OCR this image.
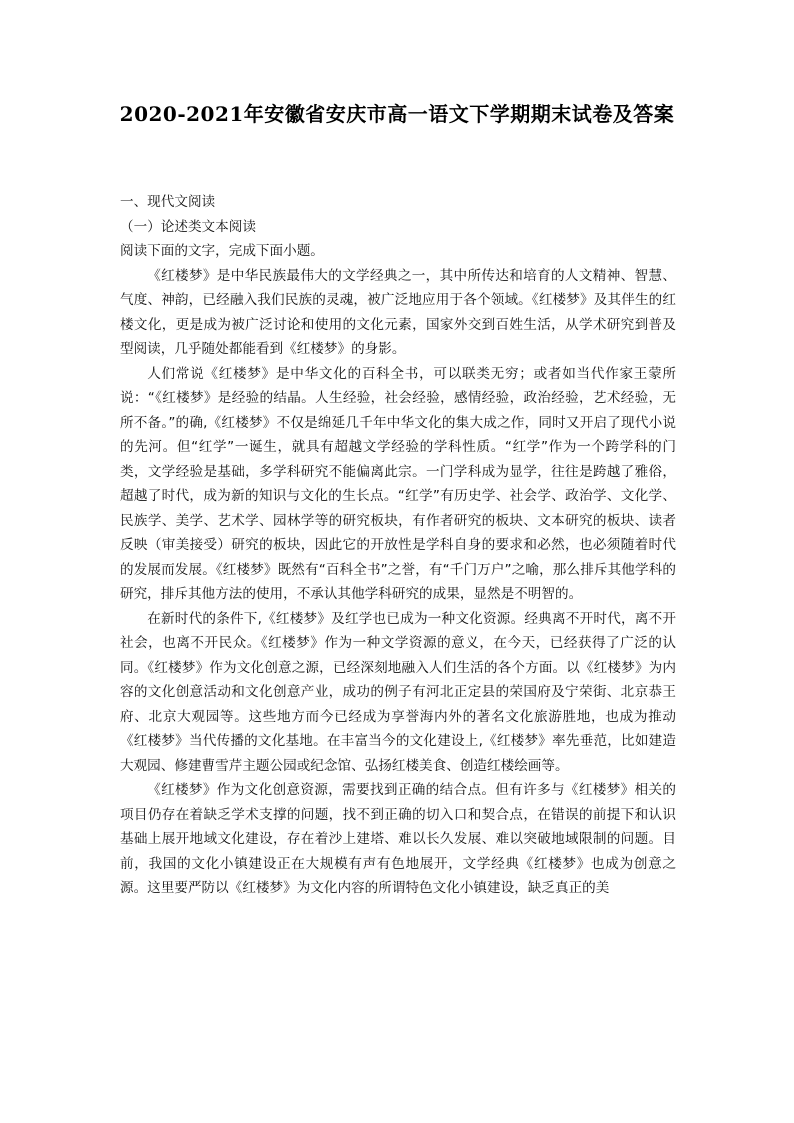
2020-2021年安徽省安庆市高一语文下学期期末试卷及答案

一、现代文阅读

（一）论述类文本阅读

阅读下面的文字，完成下面小题。

《红楼梦》是中华民族最伟大的文学经典之一，其中所传达和培育的人文精神、智慧、气度、神韵，已经融入我们民族的灵魂，被广泛地应用于各个领域。《红楼梦》及其伴生的红楼文化，更是成为被广泛讨论和使用的文化元素，国家外交到百姓生活，从学术研究到普及型阅读，几乎随处都能看到《红楼梦》的身影。

人们常说《红楼梦》是中华文化的百科全书，可以联类无穷；或者如当代作家王蒙所说：“《红楼梦》是经验的结晶。人生经验，社会经验，感情经验，政治经验，艺术经验，无所不备。”的确,《红楼梦》不仅是绵延几千年中华文化的集大成之作，同时又开启了现代小说的先河。但“红学”一诞生，就具有超越文学经验的学科性质。“红学”作为一个跨学科的门类，文学经验是基础，多学科研究不能偏离此宗。一门学科成为显学，往往是跨越了雅俗，超越了时代，成为新的知识与文化的生长点。“红学”有历史学、社会学、政治学、文化学、民族学、美学、艺术学、园林学等的研究板块，有作者研究的板块、文本研究的板块、读者反映（审美接受）研究的板块，因此它的开放性是学科自身的要求和必然，也必须随着时代的发展而发展。《红楼梦》既然有“百科全书”之誉，有“千门万户”之喻，那么排斥其他学科的研究，排斥其他方法的使用，不承认其他学科研究的成果，显然是不明智的。

在新时代的条件下,《红楼梦》及红学也已成为一种文化资源。经典离不开时代，离不开社会，也离不开民众。《红楼梦》作为一种文学资源的意义，在今天，已经获得了广泛的认同。《红楼梦》作为文化创意之源，已经深刻地融入人们生活的各个方面。以《红楼梦》为内容的文化创意活动和文化创意产业，成功的例子有河北正定县的荣国府及宁荣街、北京恭王府、北京大观园等。这些地方而今已经成为享誉海内外的著名文化旅游胜地，也成为推动《红楼梦》当代传播的文化基地。在丰富当今的文化建设上,《红楼梦》率先垂范，比如建造大观园、修建曹雪芹主题公园或纪念馆、弘扬红楼美食、创造红楼绘画等。

《红楼梦》作为文化创意资源，需要找到正确的结合点。但有许多与《红楼梦》相关的项目仍存在着缺乏学术支撑的问题，找不到正确的切入口和契合点，在错误的前提下和认识基础上展开地域文化建设，存在着沙上建塔、难以长久发展、难以突破地域限制的问题。目前，我国的文化小镇建设正在大规模有声有色地展开，文学经典《红楼梦》也成为创意之源。这里要严防以《红楼梦》为文化内容的所谓特色文化小镇建设，缺乏真正的美
